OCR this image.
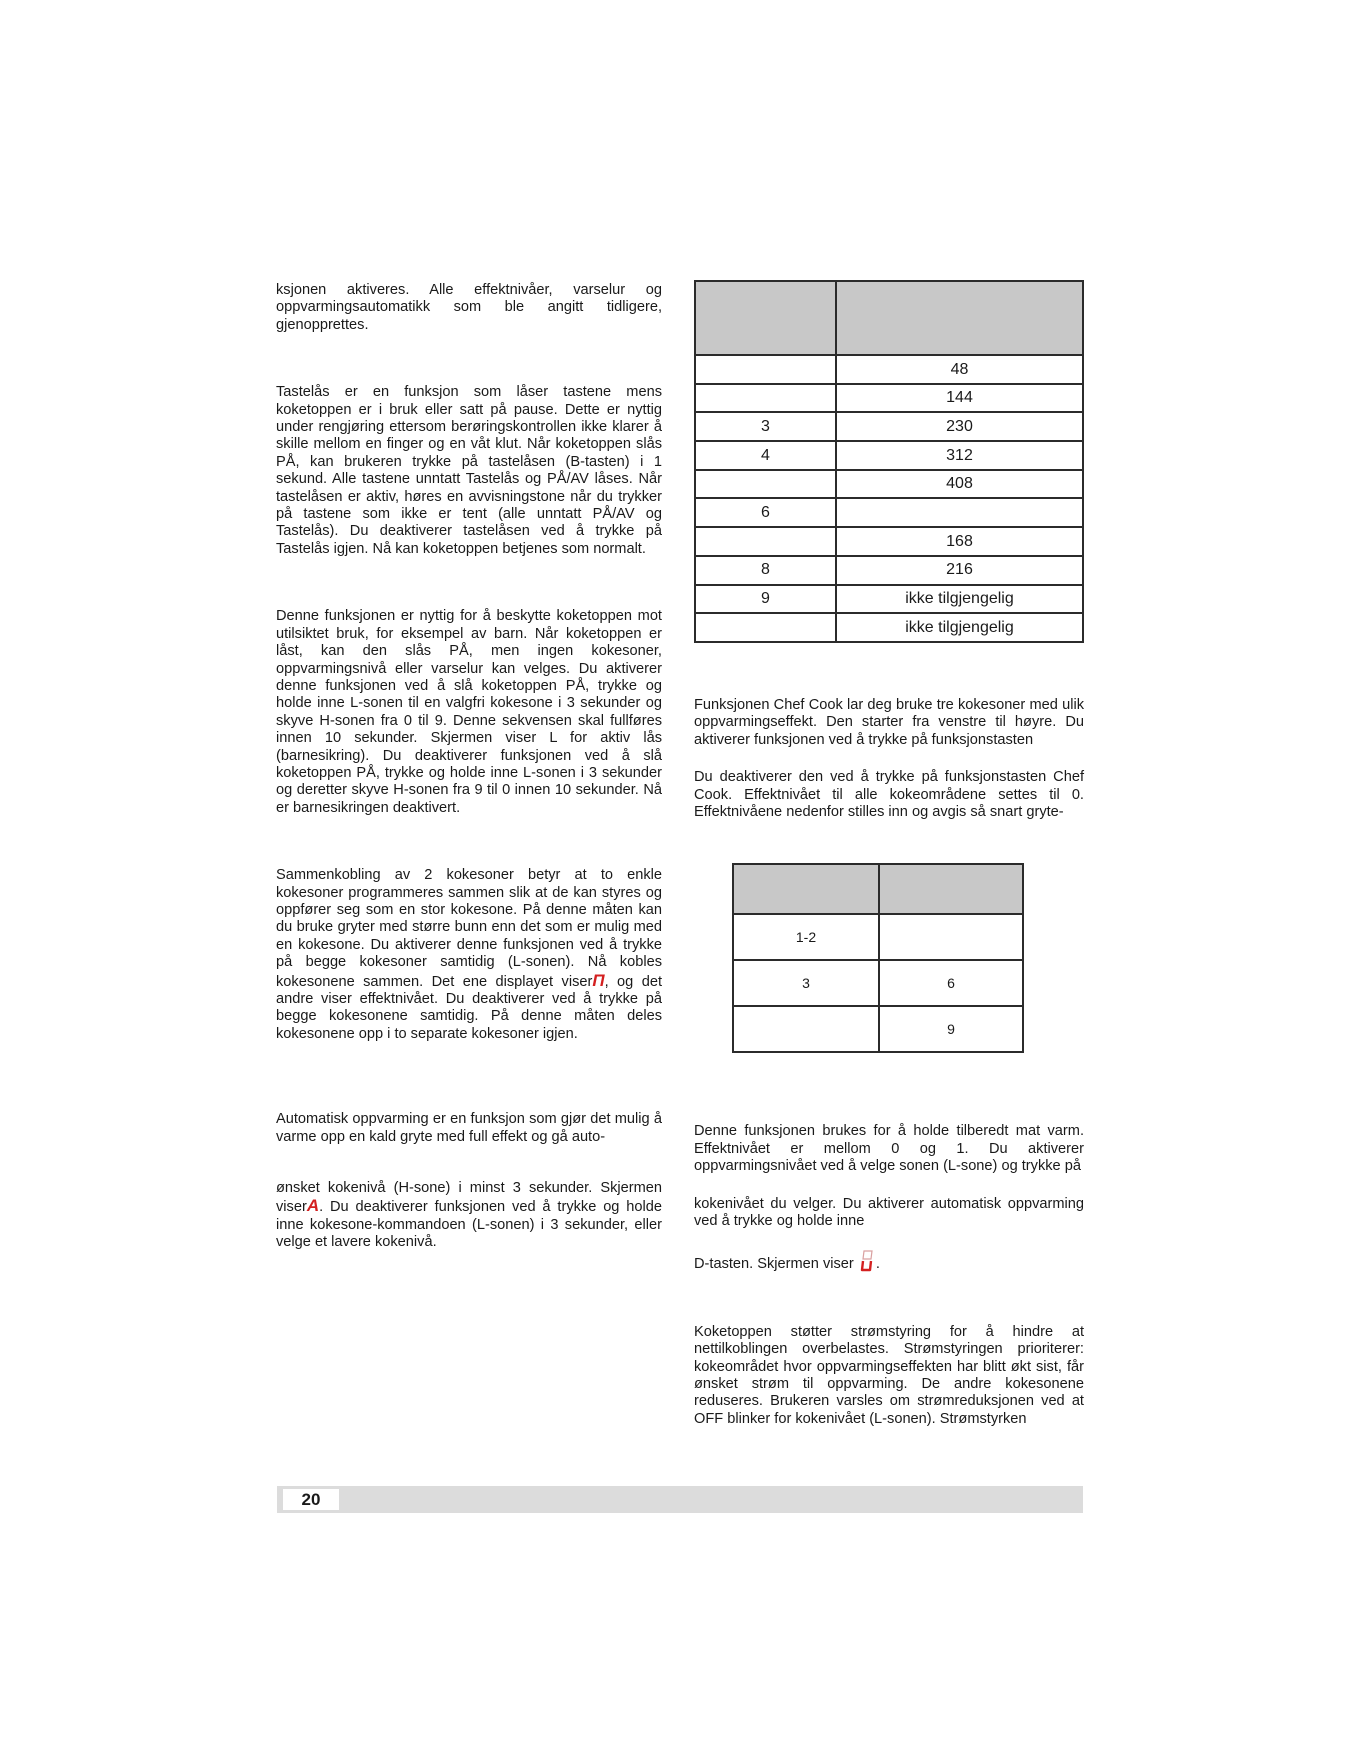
ksjonen aktiveres. Alle effektnivåer, varselur og oppvarmingsautomatikk som ble angitt tidligere, gjenopprettes.

Tastelås er en funksjon som låser tastene mens koketoppen er i bruk eller satt på pause. Dette er nyttig under rengjøring ettersom berøringskontrollen ikke klarer å skille mellom en finger og en våt klut. Når koketoppen slås PÅ, kan brukeren trykke på tastelåsen (B-tasten) i 1 sekund. Alle tastene unntatt Tastelås og PÅ/AV låses. Når tastelåsen er aktiv, høres en avvisningstone når du trykker på tastene som ikke er tent (alle unntatt PÅ/AV og Tastelås). Du deaktiverer tastelåsen ved å trykke på Tastelås igjen. Nå kan koketoppen betjenes som normalt.

Denne funksjonen er nyttig for å beskytte koketoppen mot utilsiktet bruk, for eksempel av barn. Når koketoppen er låst, kan den slås PÅ, men ingen kokesoner, oppvarmingsnivå eller varselur kan velges. Du aktiverer denne funksjonen ved å slå koketoppen PÅ, trykke og holde inne L-sonen til en valgfri kokesone i 3 sekunder og skyve H-sonen fra 0 til 9. Denne sekvensen skal fullføres innen 10 sekunder. Skjermen viser L for aktiv lås (barnesikring). Du deaktiverer funksjonen ved å slå koketoppen PÅ, trykke og holde inne L-sonen i 3 sekunder og deretter skyve H-sonen fra 9 til 0 innen 10 sekunder. Nå er barnesikringen deaktivert.

Sammenkobling av 2 kokesoner betyr at to enkle kokesoner programmeres sammen slik at de kan styres og oppfører seg som en stor kokesone. På denne måten kan du bruke gryter med større bunn enn det som er mulig med en kokesone. Du aktiverer denne funksjonen ved å trykke på begge kokesoner samtidig (L-sonen). Nå kobles kokesonene sammen. Det ene displayet viserΠ, og det andre viser effektnivået. Du deaktiverer ved å trykke på begge kokesonene samtidig. På denne måten deles kokesonene opp i to separate kokesoner igjen.

Automatisk oppvarming er en funksjon som gjør det mulig å varme opp en kald gryte med full effekt og gå auto-

ønsket kokenivå (H-sone) i minst 3 sekunder. Skjermen viserA. Du deaktiverer funksjonen ved å trykke og holde inne kokesone-kommandoen (L-sonen) i 3 sekunder, eller velge et lavere kokenivå.

	48
	144
3	230
4	312
	408
6	
	168
8	216
9	ikke tilgjengelig
	ikke tilgjengelig

Funksjonen Chef Cook lar deg bruke tre kokesoner med ulik oppvarmingseffekt. Den starter fra venstre til høyre. Du aktiverer funksjonen ved å trykke på funksjonstasten

Du deaktiverer den ved å trykke på funksjonstasten Chef Cook. Effektnivået til alle kokeområdene settes til 0. Effektnivåene nedenfor stilles inn og avgis så snart gryte-

1-2	
3	6
	9

Denne funksjonen brukes for å holde tilberedt mat varm. Effektnivået er mellom 0 og 1. Du aktiverer oppvarmingsnivået ved å velge sonen (L-sone) og trykke på

kokenivået du velger. Du aktiverer automatisk oppvarming ved å trykke og holde inne

D-tasten. Skjermen viser .

Koketoppen støtter strømstyring for å hindre at nettilkoblingen overbelastes. Strømstyringen prioriterer: kokeområdet hvor oppvarmingseffekten har blitt økt sist, får ønsket strøm til oppvarming. De andre kokesonene reduseres. Brukeren varsles om strømreduksjonen ved at OFF blinker for kokenivået (L-sonen). Strømstyrken

20
